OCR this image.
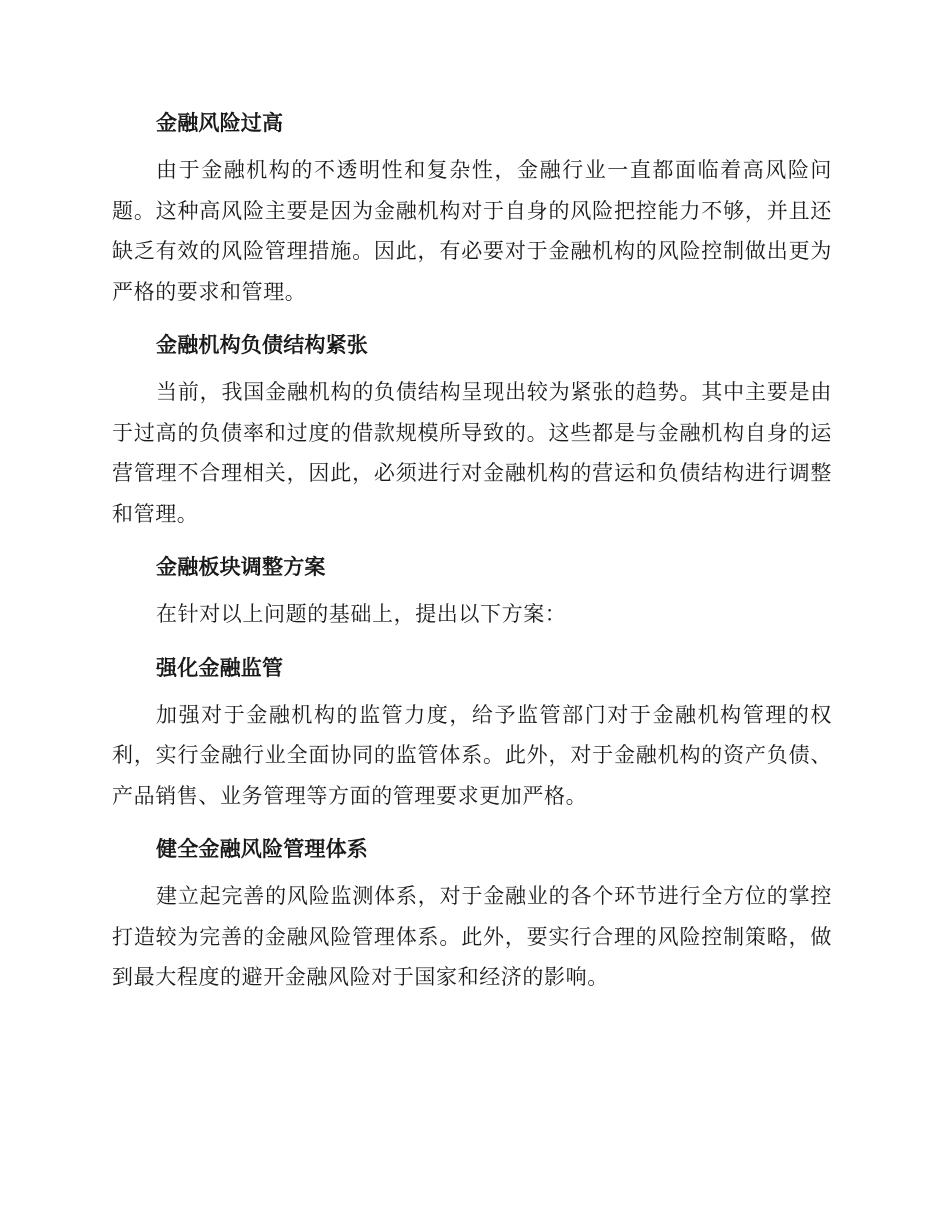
金融风险过高

由于金融机构的不透明性和复杂性，金融行业一直都面临着高风险问题。这种高风险主要是因为金融机构对于自身的风险把控能力不够，并且还缺乏有效的风险管理措施。因此，有必要对于金融机构的风险控制做出更为严格的要求和管理。

金融机构负债结构紧张

当前，我国金融机构的负债结构呈现出较为紧张的趋势。其中主要是由于过高的负债率和过度的借款规模所导致的。这些都是与金融机构自身的运营管理不合理相关，因此，必须进行对金融机构的营运和负债结构进行调整和管理。

金融板块调整方案

在针对以上问题的基础上，提出以下方案：

强化金融监管

加强对于金融机构的监管力度，给予监管部门对于金融机构管理的权利，实行金融行业全面协同的监管体系。此外，对于金融机构的资产负债、产品销售、业务管理等方面的管理要求更加严格。

健全金融风险管理体系

建立起完善的风险监测体系，对于金融业的各个环节进行全方位的掌控打造较为完善的金融风险管理体系。此外，要实行合理的风险控制策略，做到最大程度的避开金融风险对于国家和经济的影响。
